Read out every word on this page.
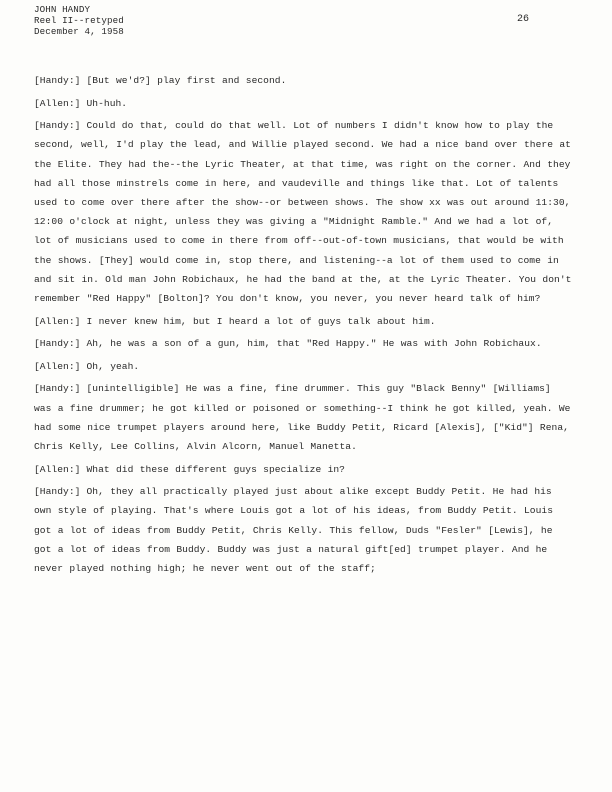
JOHN HANDY
Reel II--retyped
December 4, 1958
26

[Handy:] [But we'd?] play first and second.

[Allen:] Uh-huh.

[Handy:] Could do that, could do that well. Lot of numbers I didn't know how to play the second, well, I'd play the lead, and Willie played second. We had a nice band over there at the Elite. They had the--the Lyric Theater, at that time, was right on the corner. And they had all those minstrels come in here, and vaudeville and things like that. Lot of talents used to come over there after the show--or between shows. The show xx was out around 11:30, 12:00 o'clock at night, unless they was giving a "Midnight Ramble." And we had a lot of, lot of musicians used to come in there from off--out-of-town musicians, that would be with the shows. [They] would come in, stop there, and listening--a lot of them used to come in and sit in. Old man John Robichaux, he had the band at the, at the Lyric Theater. You don't remember "Red Happy" [Bolton]? You don't know, you never, you never heard talk of him?

[Allen:] I never knew him, but I heard a lot of guys talk about him.

[Handy:] Ah, he was a son of a gun, him, that "Red Happy." He was with John Robichaux.

[Allen:] Oh, yeah.

[Handy:] [unintelligible] He was a fine, fine drummer. This guy "Black Benny" [Williams] was a fine drummer; he got killed or poisoned or something--I think he got killed, yeah. We had some nice trumpet players around here, like Buddy Petit, Ricard [Alexis], ["Kid"] Rena, Chris Kelly, Lee Collins, Alvin Alcorn, Manuel Manetta.

[Allen:] What did these different guys specialize in?

[Handy:] Oh, they all practically played just about alike except Buddy Petit. He had his own style of playing. That's where Louis got a lot of his ideas, from Buddy Petit. Louis got a lot of ideas from Buddy Petit, Chris Kelly. This fellow, Duds "Fesler" [Lewis], he got a lot of ideas from Buddy. Buddy was just a natural gift[ed] trumpet player. And he never played nothing high; he never went out of the staff;
